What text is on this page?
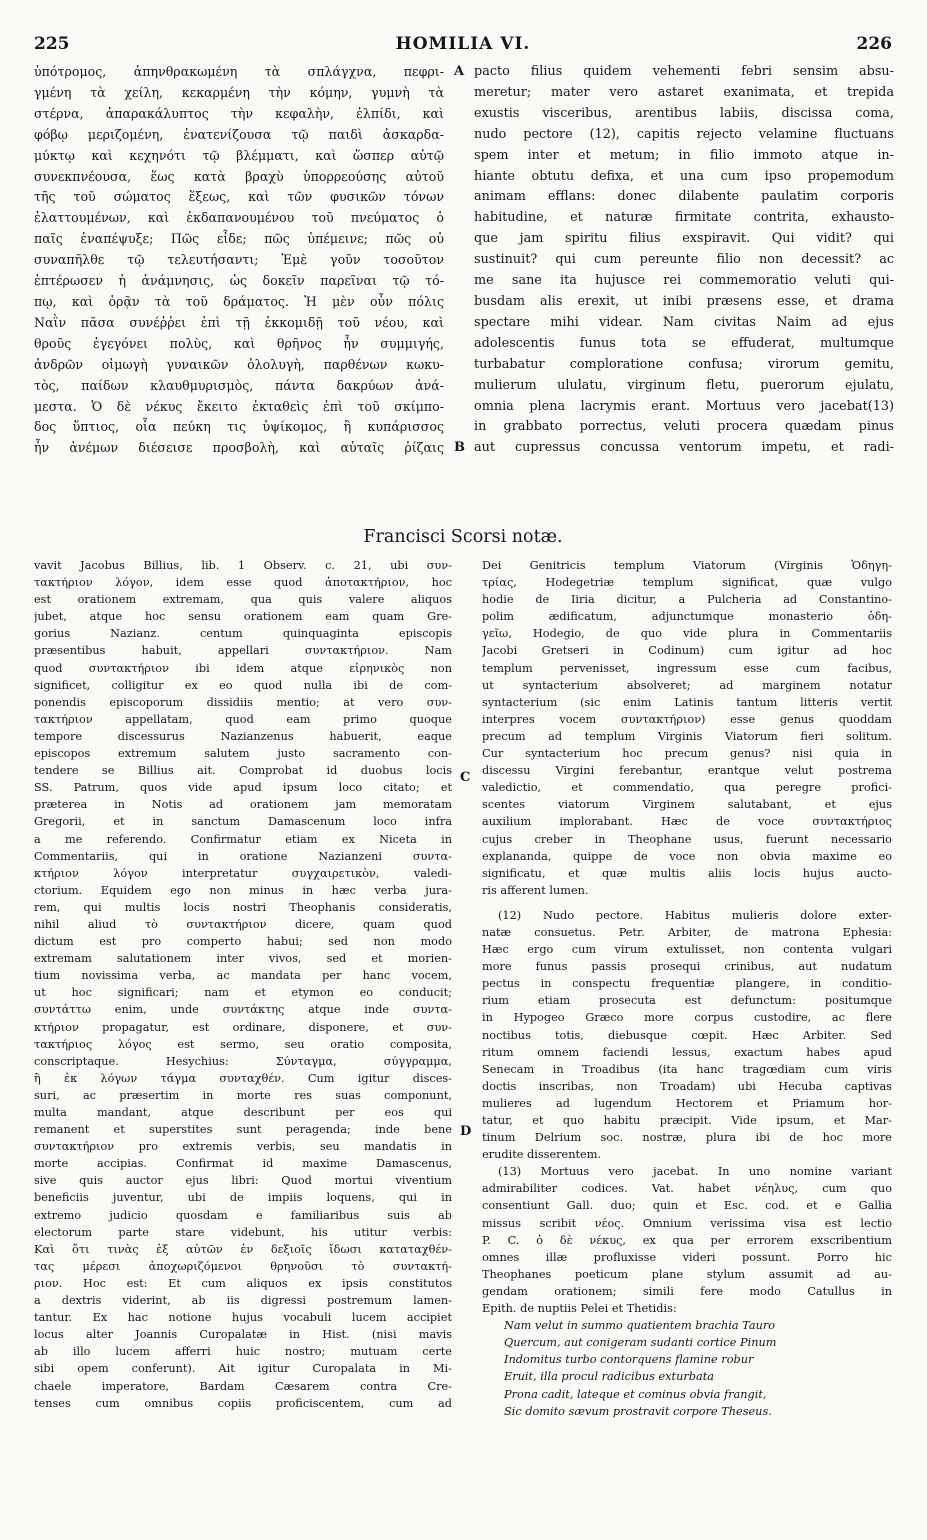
225	HOMILIA VI.	226

ὑπότρομος, ἀπηνθρακωμένη τὰ σπλάγχνα, πεφρι-

γμένη τὰ χείλη, κεκαρμένη τὴν κόμην, γυμνὴ τὰ

στέρνα, ἀπαρακάλυπτος τὴν κεφαλὴν, ἐλπίδι, καὶ

φόβῳ μεριζομένη, ἐνατενίζουσα τῷ παιδὶ ἀσκαρδα-

μύκτῳ καὶ κεχηνότι τῷ βλέμματι, καὶ ὥσπερ αὐτῷ

συνεκπνέουσα, ἕως κατὰ βραχὺ ὑπορρεούσης αὐτοῦ

τῆς τοῦ σώματος ἕξεως, καὶ τῶν φυσικῶν τόνων

ἐλαττουμένων, καὶ ἐκδαπανουμένου τοῦ πνεύματος ὁ

παῖς ἐναπέψυξε; Πῶς εἶδε; πῶς ὑπέμεινε; πῶς οὐ

συναπῆλθε τῷ τελευτήσαντι; Ἐμὲ γοῦν τοσοῦτον

ἐπτέρωσεν ἡ ἀνάμνησις, ὡς δοκεῖν παρεῖναι τῷ τό-

πῳ, καὶ ὁρᾷν τὰ τοῦ δράματος. Ἡ μὲν οὖν πόλις

Ναῒν πᾶσα συνέῤῥει ἐπὶ τῇ ἐκκομιδῇ τοῦ νέου, καὶ

θροῦς ἐγεγόνει πολὺς, καὶ θρῆνος ἦν συμμιγής,

ἀνδρῶν οἰμωγὴ γυναικῶν ὀλολυγὴ, παρθένων κωκυ-

τὸς, παίδων κλαυθμυρισμὸς, πάντα δακρύων ἀνά-

μεστα. Ὁ δὲ νέκυς ἔκειτο ἐκταθεὶς ἐπὶ τοῦ σκίμπο-

δος ὕπτιος, οἷα πεύκη τις ὑψίκομος, ἢ κυπάρισσος

ἦν ἀνέμων διέσεισε προσβολὴ, καὶ αὐταῖς ῥίζαις

pacto filius quidem vehementi febri sensim absu-

meretur; mater vero astaret exanimata, et trepida

exustis visceribus, arentibus labiis, discissa coma,

nudo pectore (12), capitis rejecto velamine fluctuans

spem inter et metum; in filio immoto atque in-

hiante obtutu defixa, et una cum ipso propemodum

animam efflans: donec dilabente paulatim corporis

habitudine, et naturæ firmitate contrita, exhausto-

que jam spiritu filius exspiravit. Qui vidit? qui

sustinuit? qui cum pereunte filio non decessit? ac

me sane ita hujusce rei commemoratio veluti qui-

busdam alis erexit, ut inibi præsens esse, et drama

spectare mihi videar. Nam civitas Naim ad ejus

adolescentis funus tota se effuderat, multumque

turbabatur comploratione confusa; virorum gemitu,

mulierum ululatu, virginum fletu, puerorum ejulatu,

omnia plena lacrymis erant. Mortuus vero jacebat(13)

in grabbato porrectus, veluti procera quædam pinus

aut cupressus concussa ventorum impetu, et radi-

A
B
C
D
Francisci Scorsi notæ.

vavit Jacobus Billius, lib. 1 Observ. c. 21, ubi συν-

τακτήριον λόγον, idem esse quod ἀποτακτήριον, hoc

est orationem extremam, qua quis valere aliquos

jubet, atque hoc sensu orationem eam quam Gre-

gorius Nazianz. centum quinquaginta episcopis

præsentibus habuit, appellari συντακτήριον. Nam

quod συντακτήριον ibi idem atque εἰρηνικὸς non

significet, colligitur ex eo quod nulla ibi de com-

ponendis episcoporum dissidiis mentio; at vero συν-

τακτήριον appellatam, quod eam primo quoque

tempore discessurus Nazianzenus habuerit, eaque

episcopos extremum salutem justo sacramento con-

tendere se Billius ait. Comprobat id duobus locis

SS. Patrum, quos vide apud ipsum loco citato; et

præterea in Notis ad orationem jam memoratam

Gregorii, et in sanctum Damascenum loco infra

a me referendo. Confirmatur etiam ex Niceta in

Commentariis, qui in oratione Nazianzeni συντα-

κτήριον λόγον interpretatur συγχαιρετικὸν, valedi-

ctorium. Equidem ego non minus in hæc verba jura-

rem, qui multis locis nostri Theophanis consideratis,

nihil aliud τὸ συντακτήριον dicere, quam quod

dictum est pro comperto habui; sed non modo

extremam salutationem inter vivos, sed et morien-

tium novissima verba, ac mandata per hanc vocem,

ut hoc significari; nam et etymon eo conducit;

συντάττω enim, unde συντάκτης atque inde συντα-

κτήριον propagatur, est ordinare, disponere, et συν-

τακτήριος λόγος est sermo, seu oratio composita,

conscriptaque. Hesychius: Σύνταγμα, σύγγραμμα,

ἢ ἐκ λόγων τάγμα συνταχθέν. Cum igitur disces-

suri, ac præsertim in morte res suas componunt,

multa mandant, atque describunt per eos qui

remanent et superstites sunt peragenda; inde bene

συντακτήριον pro extremis verbis, seu mandatis in

morte accipias. Confirmat id maxime Damascenus,

sive quis auctor ejus libri: Quod mortui viventium

beneficiis juventur, ubi de impiis loquens, qui in

extremo judicio quosdam e familiaribus suis ab

electorum parte stare videbunt, his utitur verbis:

Καὶ ὅτι τινὰς ἐξ αὐτῶν ἐν δεξιοῖς ἴδωσι καταταχθέν-

τας μέρεσι ἀποχωριζόμενοι θρηνοῦσι τὸ συντακτή-

ριον. Hoc est: Et cum aliquos ex ipsis constitutos

a dextris viderint, ab iis digressi postremum lamen-

tantur. Ex hac notione hujus vocabuli lucem accipiet

locus alter Joannis Curopalatæ in Hist. (nisi mavis

ab illo lucem afferri huic nostro; mutuam certe

sibi opem conferunt). Ait igitur Curopalata in Mi-

chaele imperatore, Bardam Cæsarem contra Cre-

tenses cum omnibus copiis proficiscentem, cum ad

Dei Genitricis templum Viatorum (Virginis Ὁδηγη-

τρίας, Hodegetriæ templum significat, quæ vulgo

hodie de Iiria dicitur, a Pulcheria ad Constantino-

polim ædificatum, adjunctumque monasterio ὁδη-

γεῖω, Hodegio, de quo vide plura in Commentariis

Jacobi Gretseri in Codinum) cum igitur ad hoc

templum pervenisset, ingressum esse cum facibus,

ut syntacterium absolveret; ad marginem notatur

syntacterium (sic enim Latinis tantum litteris vertit

interpres vocem συντακτήριον) esse genus quoddam

precum ad templum Virginis Viatorum fieri solitum.

Cur syntacterium hoc precum genus? nisi quia in

discessu Virgini ferebantur, erantque velut postrema

valedictio, et commendatio, qua peregre profici-

scentes viatorum Virginem salutabant, et ejus

auxilium implorabant. Hæc de voce συντακτήριος

cujus creber in Theophane usus, fuerunt necessario

explananda, quippe de voce non obvia maxime eo

significatu, et quæ multis aliis locis hujus aucto-

ris afferent lumen.

(12) Nudo pectore. Habitus mulieris dolore exter-

natæ consuetus. Petr. Arbiter, de matrona Ephesia:

Hæc ergo cum virum extulisset, non contenta vulgari

more funus passis prosequi crinibus, aut nudatum

pectus in conspectu frequentiæ plangere, in conditio-

rium etiam prosecuta est defunctum: positumque

in Hypogeo Græco more corpus custodire, ac flere

noctibus totis, diebusque cœpit. Hæc Arbiter. Sed

ritum omnem faciendi lessus, exactum habes apud

Senecam in Troadibus (ita hanc tragœdiam cum viris

doctis inscribas, non Troadam) ubi Hecuba captivas

mulieres ad lugendum Hectorem et Priamum hor-

tatur, et quo habitu præcipit. Vide ipsum, et Mar-

tinum Delrium soc. nostræ, plura ibi de hoc more

erudite disserentem.

(13) Mortuus vero jacebat. In uno nomine variant

admirabiliter codices. Vat. habet νέηλυς, cum quo

consentiunt Gall. duo; quin et Esc. cod. et e Gallia

missus scribit νέος. Omnium verissima visa est lectio

P. C. ὁ δὲ νέκυς, ex qua per errorem exscribentium

omnes illæ profluxisse videri possunt. Porro hic

Theophanes poeticum plane stylum assumit ad au-

gendam orationem; simili fere modo Catullus in

Epith. de nuptiis Pelei et Thetidis:

Nam velut in summo quatientem brachia Tauro

Quercum, aut conigeram sudanti cortice Pinum

Indomitus turbo contorquens flamine robur

Eruit, illa procul radicibus exturbata

Prona cadit, lateque et cominus obvia frangit,

Sic domito sævum prostravit corpore Theseus.
